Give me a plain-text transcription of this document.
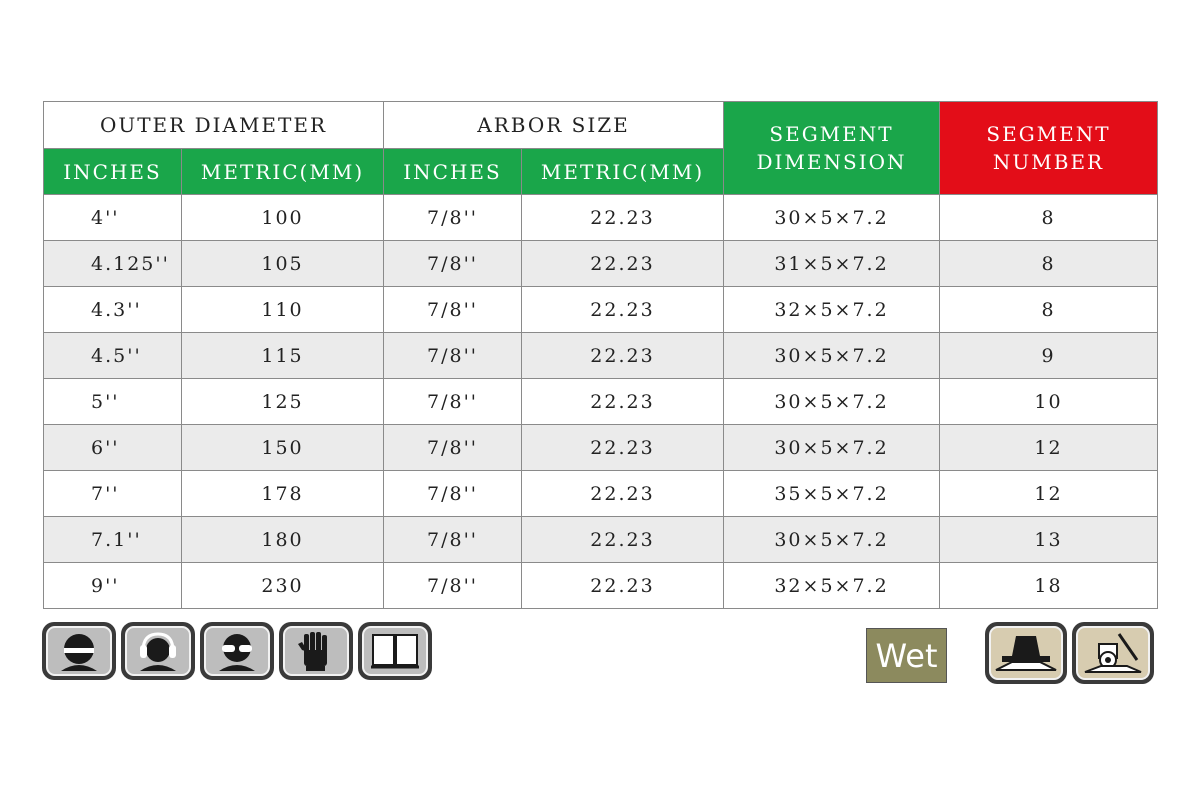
OUTER DIAMETER		ARBOR SIZE		SEGMENT DIMENSION	SEGMENT NUMBER
INCHES	METRIC(MM)	INCHES	METRIC(MM)		
4''	100	7/8''	22.23	30×5×7.2	8
4.125''	105	7/8''	22.23	31×5×7.2	8
4.3''	110	7/8''	22.23	32×5×7.2	8
4.5''	115	7/8''	22.23	30×5×7.2	9
5''	125	7/8''	22.23	30×5×7.2	10
6''	150	7/8''	22.23	30×5×7.2	12
7''	178	7/8''	22.23	35×5×7.2	12
7.1''	180	7/8''	22.23	30×5×7.2	13
9''	230	7/8''	22.23	32×5×7.2	18
Wet
